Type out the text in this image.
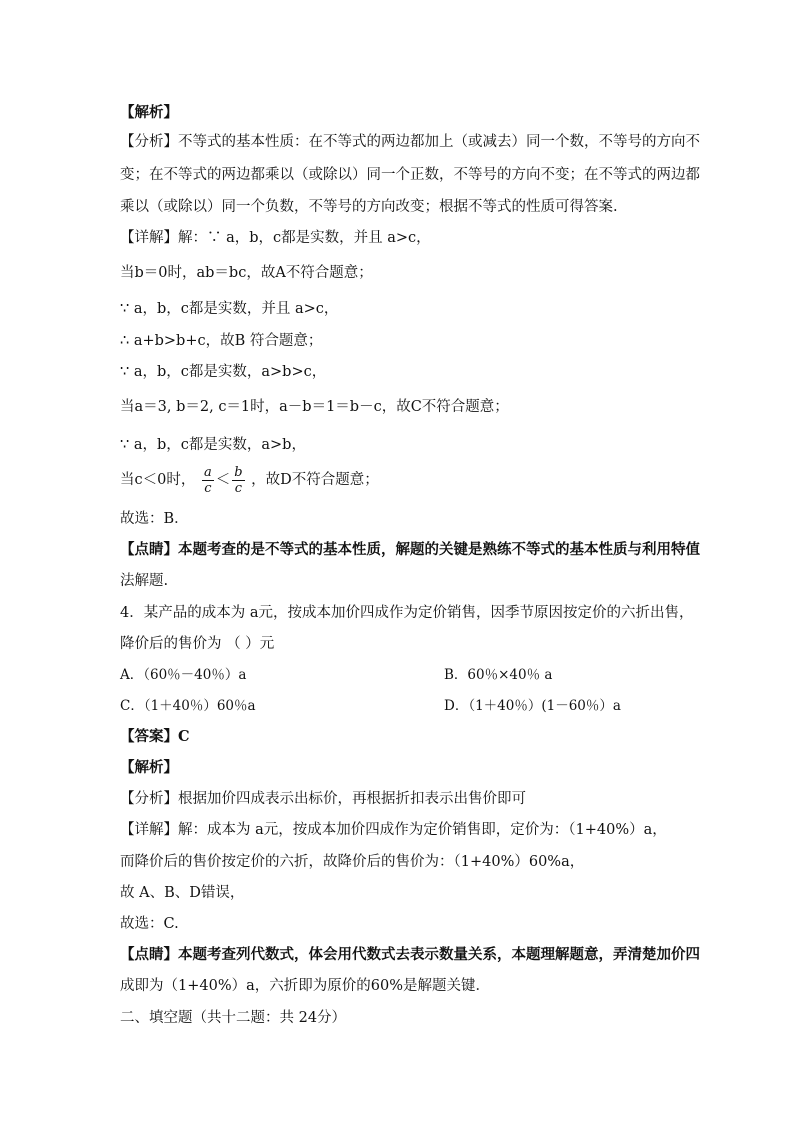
【解析】
【分析】不等式的基本性质：在不等式的两边都加上（或减去）同一个数，不等号的方向不
变；在不等式的两边都乘以（或除以）同一个正数，不等号的方向不变；在不等式的两边都
乘以（或除以）同一个负数，不等号的方向改变；根据不等式的性质可得答案.
【详解】解：∵ a，b，c都是实数，并且 a>c，
当b＝0时，ab＝bc，故A不符合题意；
∵ a，b，c都是实数，并且 a>c，
∴ a+b>b+c，故B 符合题意；
∵ a，b，c都是实数，a>b>c，
当a＝3, b＝2, c＝1时，a－b＝1＝b－c，故C不符合题意；
∵ a，b，c都是实数，a>b，
当c＜0时， $\frac{a}{c} < \frac{b}{c}$ ，故D不符合题意；
故选：B．
【点睛】本题考查的是不等式的基本性质，解题的关键是熟练不等式的基本性质与利用特值
法解题.
4．某产品的成本为 a元，按成本加价四成作为定价销售，因季节原因按定价的六折出售，
降价后的售价为 （ ）元
A．（60％－40％）a	B．60％×40％ a
C．（1＋40％）60％a	D．（1＋40％）(1－60％）a
【答案】C
【解析】
【分析】根据加价四成表示出标价，再根据折扣表示出售价即可
【详解】解：成本为 a元，按成本加价四成作为定价销售即，定价为：（1+40%）a，
而降价后的售价按定价的六折，故降价后的售价为：（1+40%）60%a，
故 A、B、D错误，
故选：C.
【点睛】本题考查列代数式，体会用代数式去表示数量关系，本题理解题意，弄清楚加价四
成即为（1+40%）a，六折即为原价的60%是解题关键．
二、填空题（共十二题：共 24分）
